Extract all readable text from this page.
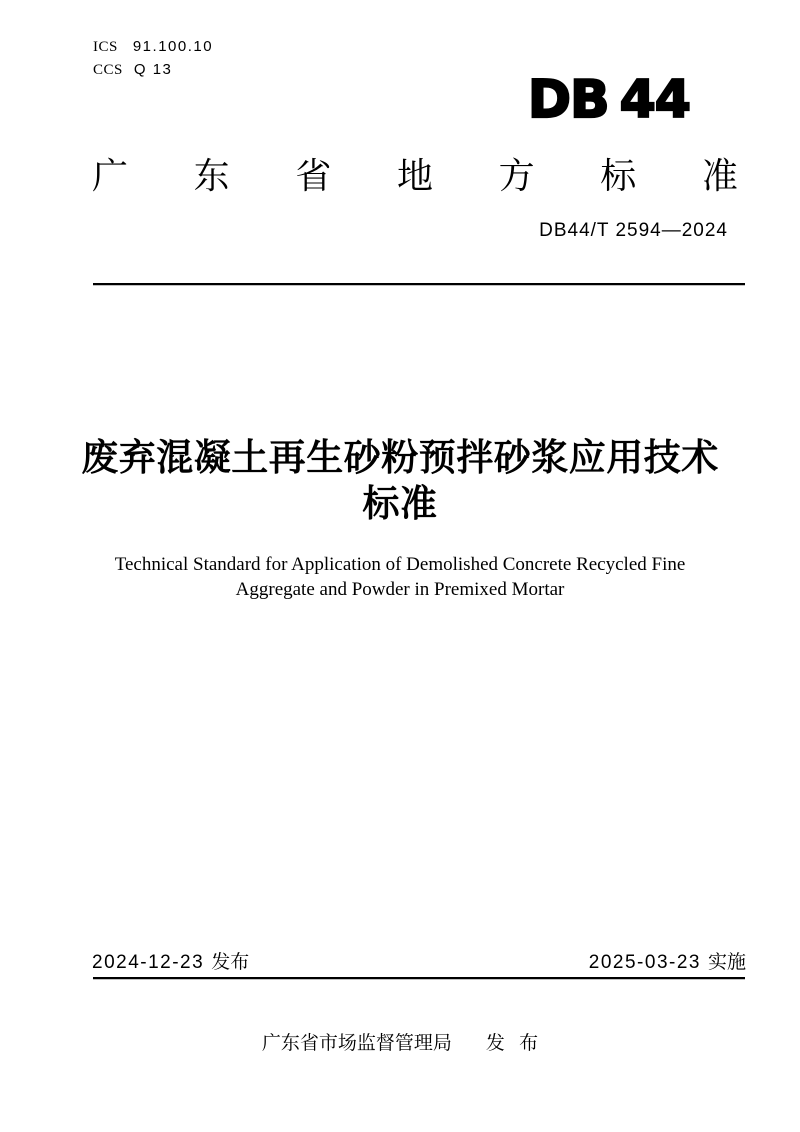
ICS 91.100.10
CCS Q 13
DB 44
广 东 省 地 方 标 准
DB44/T 2594—2024
废弃混凝土再生砂粉预拌砂浆应用技术
标准
Technical Standard for Application of Demolished Concrete Recycled Fine
Aggregate and Powder in Premixed Mortar
2024-12-23 发布	2025-03-23 实施
广东省市场监督管理局 发 布
